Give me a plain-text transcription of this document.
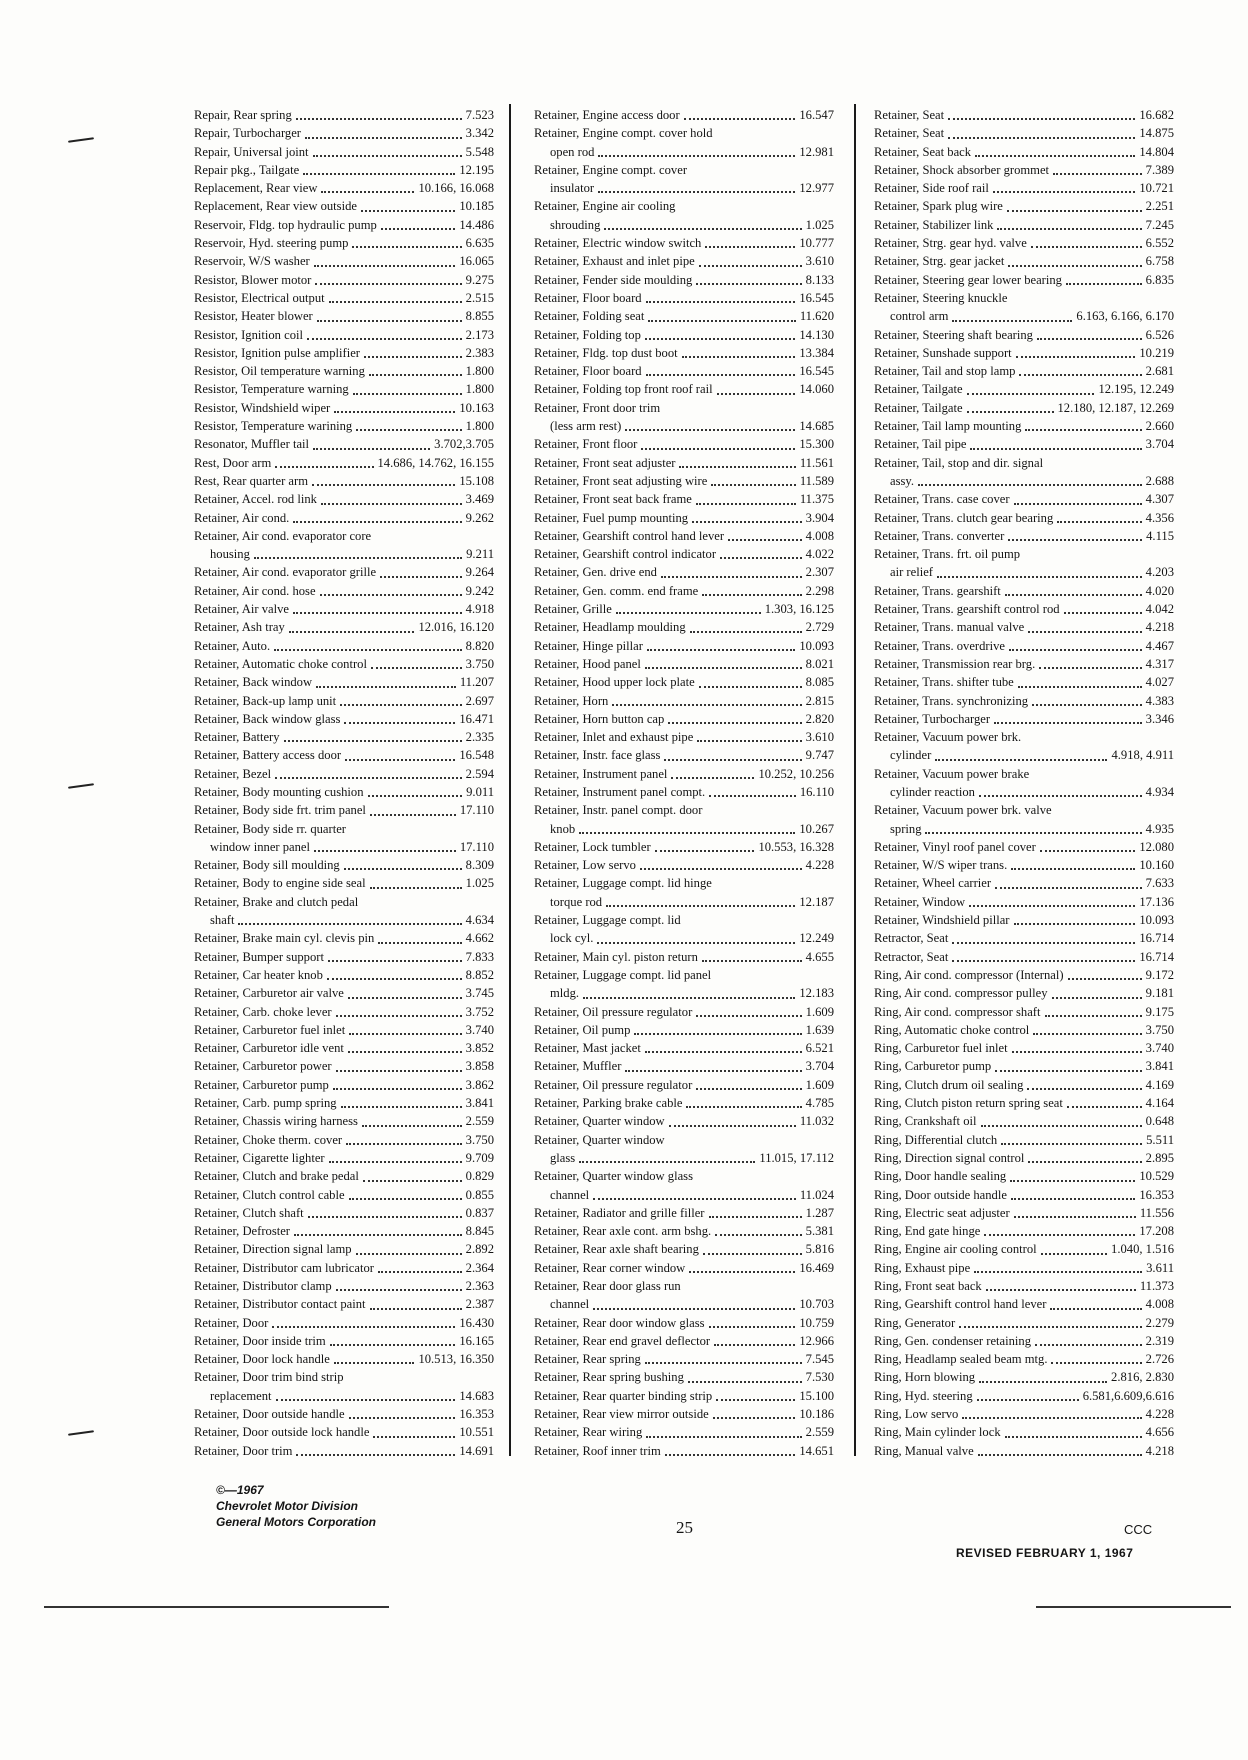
Repair, Rear spring	7.523
Repair, Turbocharger	3.342
Repair, Universal joint	5.548
Repair pkg., Tailgate	12.195
Replacement, Rear view	10.166, 16.068
Replacement, Rear view outside	10.185
Reservoir, Fldg. top hydraulic pump	14.486
Reservoir, Hyd. steering pump	6.635
Reservoir, W/S washer	16.065
Resistor, Blower motor	9.275
Resistor, Electrical output	2.515
Resistor, Heater blower	8.855
Resistor, Ignition coil	2.173
Resistor, Ignition pulse amplifier	2.383
Resistor, Oil temperature warning	1.800
Resistor, Temperature warning	1.800
Resistor, Windshield wiper	10.163
Resistor, Temperature warining	1.800
Resonator, Muffler tail	3.702,3.705
Rest, Door arm	14.686, 14.762, 16.155
Rest, Rear quarter arm	15.108
Retainer, Accel. rod link	3.469
Retainer, Air cond.	9.262
Retainer, Air cond. evaporator core
housing	9.211
Retainer, Air cond. evaporator grille	9.264
Retainer, Air cond. hose	9.242
Retainer, Air valve	4.918
Retainer, Ash tray	12.016, 16.120
Retainer, Auto.	8.820
Retainer, Automatic choke control	3.750
Retainer, Back window	11.207
Retainer, Back-up lamp unit	2.697
Retainer, Back window glass	16.471
Retainer, Battery	2.335
Retainer, Battery access door	16.548
Retainer, Bezel	2.594
Retainer, Body mounting cushion	9.011
Retainer, Body side frt. trim panel	17.110
Retainer, Body side rr. quarter
window inner panel	17.110
Retainer, Body sill moulding	8.309
Retainer, Body to engine side seal	1.025
Retainer, Brake and clutch pedal
shaft	4.634
Retainer, Brake main cyl. clevis pin	4.662
Retainer, Bumper support	7.833
Retainer, Car heater knob	8.852
Retainer, Carburetor air valve	3.745
Retainer, Carb. choke lever	3.752
Retainer, Carburetor fuel inlet	3.740
Retainer, Carburetor idle vent	3.852
Retainer, Carburetor power	3.858
Retainer, Carburetor pump	3.862
Retainer, Carb. pump spring	3.841
Retainer, Chassis wiring harness	2.559
Retainer, Choke therm. cover	3.750
Retainer, Cigarette lighter	9.709
Retainer, Clutch and brake pedal	0.829
Retainer, Clutch control cable	0.855
Retainer, Clutch shaft	0.837
Retainer, Defroster	8.845
Retainer, Direction signal lamp	2.892
Retainer, Distributor cam lubricator	2.364
Retainer, Distributor clamp	2.363
Retainer, Distributor contact paint	2.387
Retainer, Door	16.430
Retainer, Door inside trim	16.165
Retainer, Door lock handle	10.513, 16.350
Retainer, Door trim bind strip
replacement	14.683
Retainer, Door outside handle	16.353
Retainer, Door outside lock handle	10.551
Retainer, Door trim	14.691
Retainer, Engine access door	16.547
Retainer, Engine compt. cover hold
open rod	12.981
Retainer, Engine compt. cover
insulator	12.977
Retainer, Engine air cooling
shrouding	1.025
Retainer, Electric window switch	10.777
Retainer, Exhaust and inlet pipe	3.610
Retainer, Fender side moulding	8.133
Retainer, Floor board	16.545
Retainer, Folding seat	11.620
Retainer, Folding top	14.130
Retainer, Fldg. top dust boot	13.384
Retainer, Floor board	16.545
Retainer, Folding top front roof rail	14.060
Retainer, Front door trim
(less arm rest)	14.685
Retainer, Front floor	15.300
Retainer, Front seat adjuster	11.561
Retainer, Front seat adjusting wire	11.589
Retainer, Front seat back frame	11.375
Retainer, Fuel pump mounting	3.904
Retainer, Gearshift control hand lever	4.008
Retainer, Gearshift control indicator	4.022
Retainer, Gen. drive end	2.307
Retainer, Gen. comm. end frame	2.298
Retainer, Grille	1.303, 16.125
Retainer, Headlamp moulding	2.729
Retainer, Hinge pillar	10.093
Retainer, Hood panel	8.021
Retainer, Hood upper lock plate	8.085
Retainer, Horn	2.815
Retainer, Horn button cap	2.820
Retainer, Inlet and exhaust pipe	3.610
Retainer, Instr. face glass	9.747
Retainer, Instrument panel	10.252, 10.256
Retainer, Instrument panel compt.	16.110
Retainer, Instr. panel compt. door
knob	10.267
Retainer, Lock tumbler	10.553, 16.328
Retainer, Low servo	4.228
Retainer, Luggage compt. lid hinge
torque rod	12.187
Retainer, Luggage compt. lid
lock cyl.	12.249
Retainer, Main cyl. piston return	4.655
Retainer, Luggage compt. lid panel
mldg.	12.183
Retainer, Oil pressure regulator	1.609
Retainer, Oil pump	1.639
Retainer, Mast jacket	6.521
Retainer, Muffler	3.704
Retainer, Oil pressure regulator	1.609
Retainer, Parking brake cable	4.785
Retainer, Quarter window	11.032
Retainer, Quarter window
glass	11.015, 17.112
Retainer, Quarter window glass
channel	11.024
Retainer, Radiator and grille filler	1.287
Retainer, Rear axle cont. arm bshg.	5.381
Retainer, Rear axle shaft bearing	5.816
Retainer, Rear corner window	16.469
Retainer, Rear door glass run
channel	10.703
Retainer, Rear door window glass	10.759
Retainer, Rear end gravel deflector	12.966
Retainer, Rear spring	7.545
Retainer, Rear spring bushing	7.530
Retainer, Rear quarter binding strip	15.100
Retainer, Rear view mirror outside	10.186
Retainer, Rear wiring	2.559
Retainer, Roof inner trim	14.651
Retainer, Seat	16.682
Retainer, Seat	14.875
Retainer, Seat back	14.804
Retainer, Shock absorber grommet	7.389
Retainer, Side roof rail	10.721
Retainer, Spark plug wire	2.251
Retainer, Stabilizer link	7.245
Retainer, Strg. gear hyd. valve	6.552
Retainer, Strg. gear jacket	6.758
Retainer, Steering gear lower bearing	6.835
Retainer, Steering knuckle
control arm	6.163, 6.166, 6.170
Retainer, Steering shaft bearing	6.526
Retainer, Sunshade support	10.219
Retainer, Tail and stop lamp	2.681
Retainer, Tailgate	12.195, 12.249
Retainer, Tailgate	12.180, 12.187, 12.269
Retainer, Tail lamp mounting	2.660
Retainer, Tail pipe	3.704
Retainer, Tail, stop and dir. signal
assy.	2.688
Retainer, Trans. case cover	4.307
Retainer, Trans. clutch gear bearing	4.356
Retainer, Trans. converter	4.115
Retainer, Trans. frt. oil pump
air relief	4.203
Retainer, Trans. gearshift	4.020
Retainer, Trans. gearshift control rod	4.042
Retainer, Trans. manual valve	4.218
Retainer, Trans. overdrive	4.467
Retainer, Transmission rear brg.	4.317
Retainer, Trans. shifter tube	4.027
Retainer, Trans. synchronizing	4.383
Retainer, Turbocharger	3.346
Retainer, Vacuum power brk.
cylinder	4.918, 4.911
Retainer, Vacuum power brake
cylinder reaction	4.934
Retainer, Vacuum power brk. valve
spring	4.935
Retainer, Vinyl roof panel cover	12.080
Retainer, W/S wiper trans.	10.160
Retainer, Wheel carrier	7.633
Retainer, Window	17.136
Retainer, Windshield pillar	10.093
Retractor, Seat	16.714
Retractor, Seat	16.714
Ring, Air cond. compressor (Internal)	9.172
Ring, Air cond. compressor pulley	9.181
Ring, Air cond. compressor shaft	9.175
Ring, Automatic choke control	3.750
Ring, Carburetor fuel inlet	3.740
Ring, Carburetor pump	3.841
Ring, Clutch drum oil sealing	4.169
Ring, Clutch piston return spring seat	4.164
Ring, Crankshaft oil	0.648
Ring, Differential clutch	5.511
Ring, Direction signal control	2.895
Ring, Door handle sealing	10.529
Ring, Door outside handle	16.353
Ring, Electric seat adjuster	11.556
Ring, End gate hinge	17.208
Ring, Engine air cooling control	1.040, 1.516
Ring, Exhaust pipe	3.611
Ring, Front seat back	11.373
Ring, Gearshift control hand lever	4.008
Ring, Generator	2.279
Ring, Gen. condenser retaining	2.319
Ring, Headlamp sealed beam mtg.	2.726
Ring, Horn blowing	2.816, 2.830
Ring, Hyd. steering	6.581,6.609,6.616
Ring, Low servo	4.228
Ring, Main cylinder lock	4.656
Ring, Manual valve	4.218
©—1967
Chevrolet Motor Division
General Motors Corporation	25	CCC
REVISED FEBRUARY 1, 1967
